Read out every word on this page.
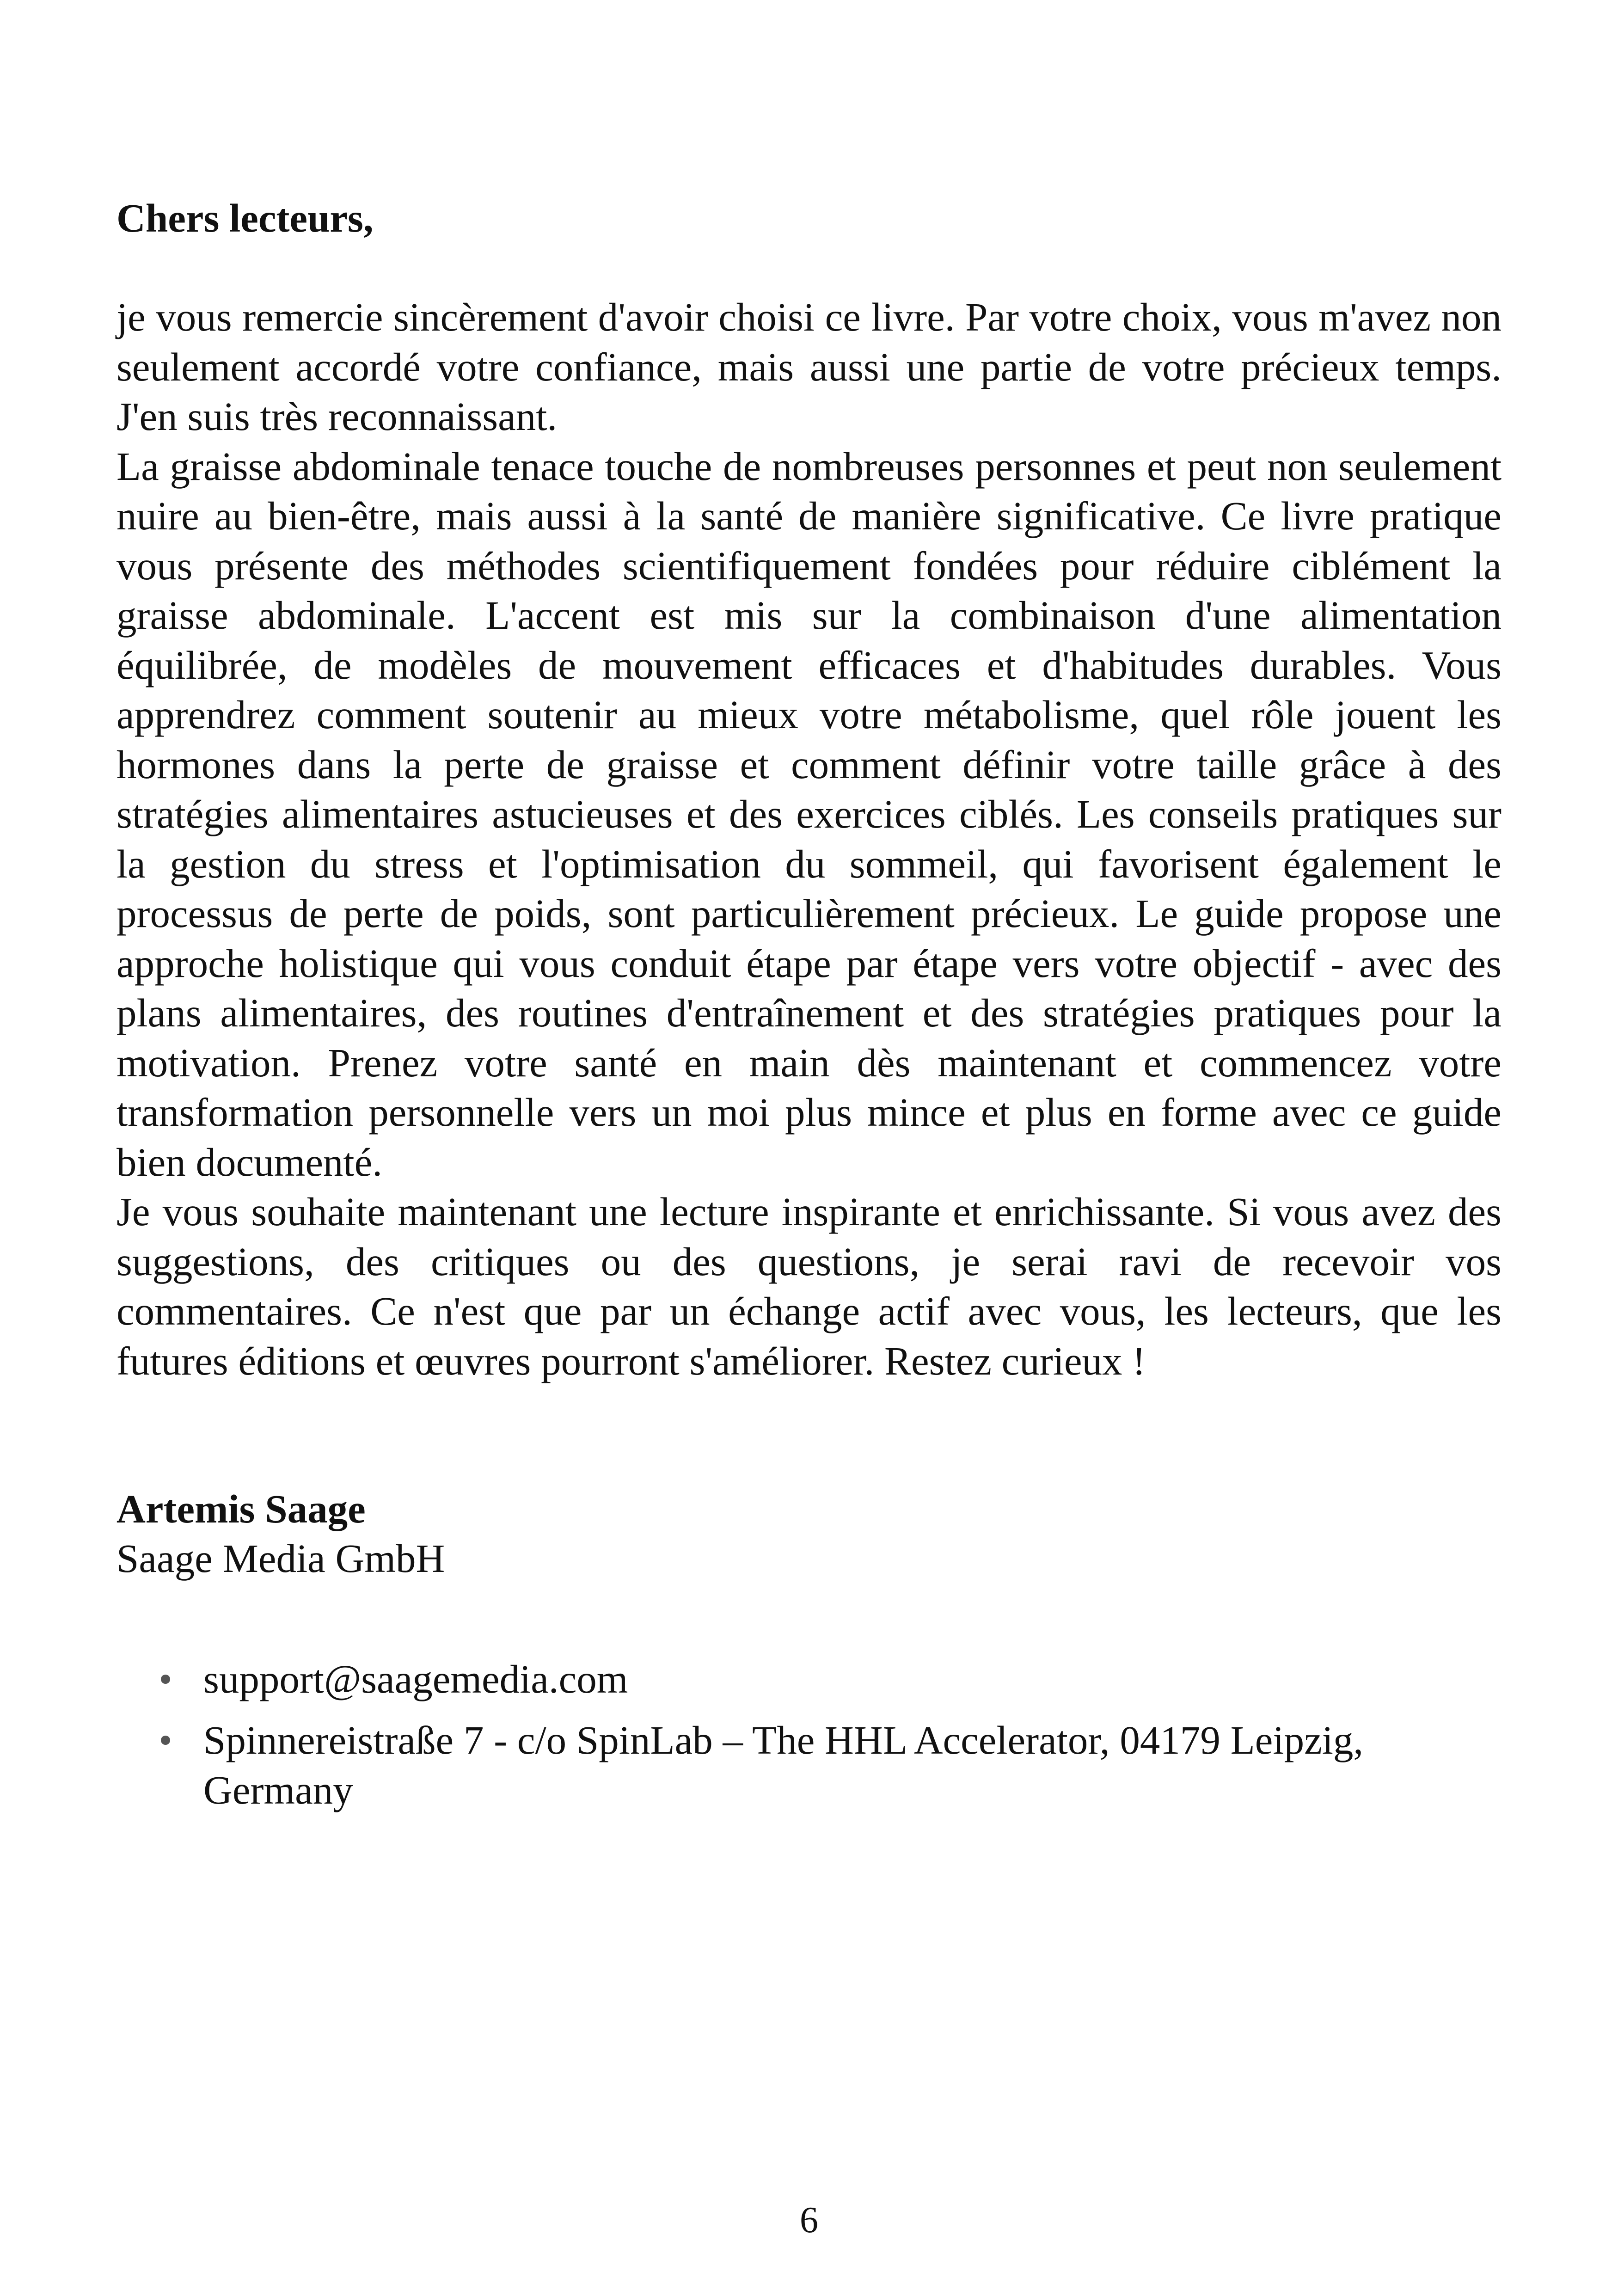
Chers lecteurs,

je vous remercie sincèrement d'avoir choisi ce livre. Par votre choix, vous m'avez non seulement accordé votre confiance, mais aussi une partie de votre précieux temps. J'en suis très reconnaissant.

La graisse abdominale tenace touche de nombreuses personnes et peut non seulement nuire au bien-être, mais aussi à la santé de manière significative. Ce livre pratique vous présente des méthodes scientifiquement fondées pour réduire ciblément la graisse abdominale. L'accent est mis sur la combinaison d'une alimentation équilibrée, de modèles de mouvement efficaces et d'habitudes durables. Vous apprendrez comment soutenir au mieux votre métabolisme, quel rôle jouent les hormones dans la perte de graisse et comment définir votre taille grâce à des stratégies alimentaires astucieuses et des exercices ciblés. Les conseils pratiques sur la gestion du stress et l'optimisation du sommeil, qui favorisent également le processus de perte de poids, sont particulièrement précieux. Le guide propose une approche holistique qui vous conduit étape par étape vers votre objectif - avec des plans alimentaires, des routines d'entraînement et des stratégies pratiques pour la motivation. Prenez votre santé en main dès maintenant et commencez votre transformation personnelle vers un moi plus mince et plus en forme avec ce guide bien documenté.

Je vous souhaite maintenant une lecture inspirante et enrichissante. Si vous avez des suggestions, des critiques ou des questions, je serai ravi de recevoir vos commentaires. Ce n'est que par un échange actif avec vous, les lecteurs, que les futures éditions et œuvres pourront s'améliorer. Restez curieux !

Artemis Saage

Saage Media GmbH

support@saagemedia.com
Spinnereistraße 7 - c/o SpinLab – The HHL Accelerator, 04179 Leipzig, Germany

6
